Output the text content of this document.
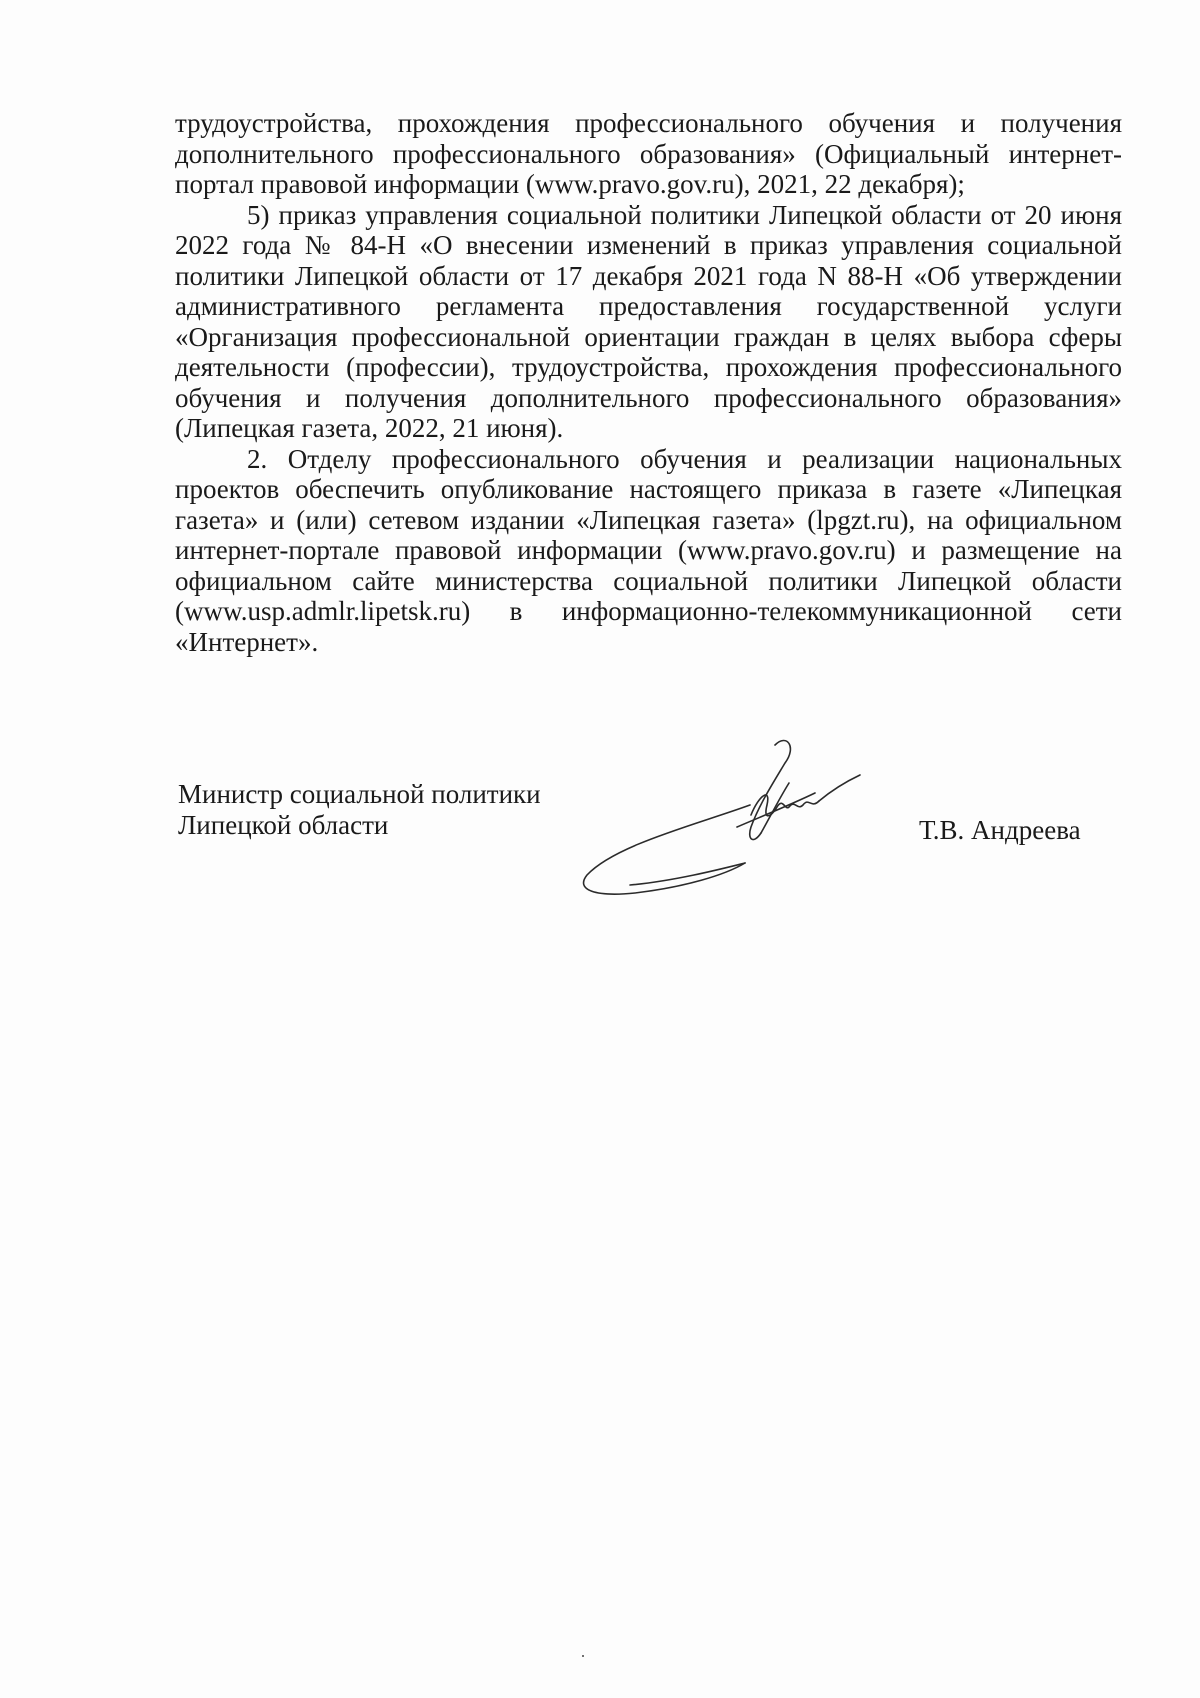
трудоустройства, прохождения профессионального обучения и получения дополнительного профессионального образования» (Официальный интернет-портал правовой информации (www.pravo.gov.ru), 2021, 22 декабря);

5) приказ управления социальной политики Липецкой области от 20 июня 2022 года № 84-Н «О внесении изменений в приказ управления социальной политики Липецкой области от 17 декабря 2021 года N 88-Н «Об утверждении административного регламента предоставления государственной услуги «Организация профессиональной ориентации граждан в целях выбора сферы деятельности (профессии), трудоустройства, прохождения профессионального обучения и получения дополнительного профессионального образования» (Липецкая газета, 2022, 21 июня).

2. Отделу профессионального обучения и реализации национальных проектов обеспечить опубликование настоящего приказа в газете «Липецкая газета» и (или) сетевом издании «Липецкая газета» (lpgzt.ru), на официальном интернет-портале правовой информации (www.pravo.gov.ru) и размещение на официальном сайте министерства социальной политики Липецкой области (www.usp.admlr.lipetsk.ru) в информационно-телекоммуникационной сети «Интернет».

Министр социальной политики
Липецкой области	Т.В. Андреева
